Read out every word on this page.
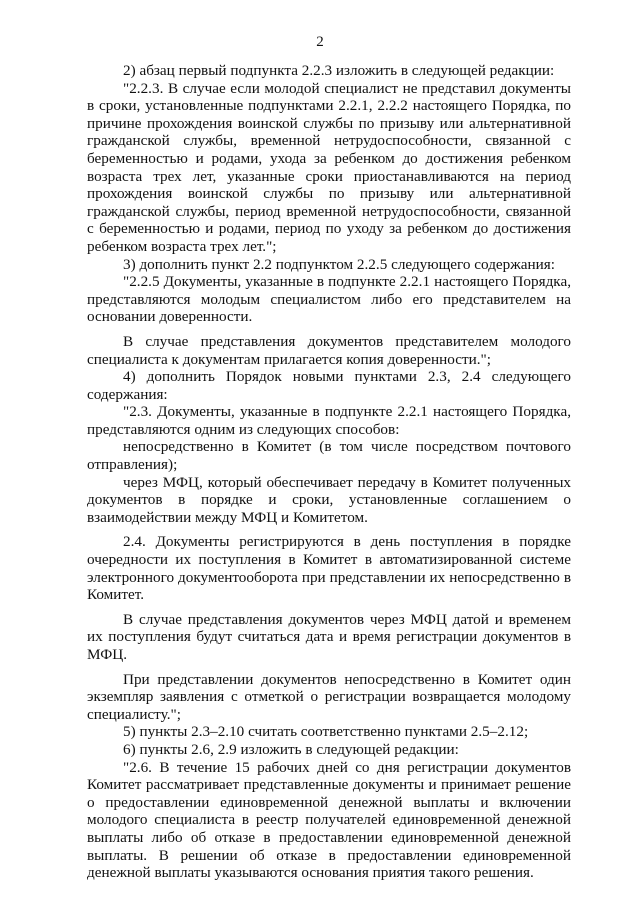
2

2) абзац первый подпункта 2.2.3 изложить в следующей редакции:

"2.2.3. В случае если молодой специалист не представил документы в сроки, установленные подпунктами 2.2.1, 2.2.2 настоящего Порядка, по причине прохождения воинской службы по призыву или альтернативной гражданской службы, временной нетрудоспособности, связанной с беременностью и родами, ухода за ребенком до достижения ребенком возраста трех лет, указанные сроки приостанавливаются на период прохождения воинской службы по призыву или альтернативной гражданской службы, период временной нетрудоспособности, связанной с беременностью и родами, период по уходу за ребенком до достижения ребенком возраста трех лет.";

3) дополнить пункт 2.2 подпунктом 2.2.5 следующего содержания:

"2.2.5 Документы, указанные в подпункте 2.2.1 настоящего Порядка, представляются молодым специалистом либо его представителем на основании доверенности.

В случае представления документов представителем молодого специалиста к документам прилагается копия доверенности.";

4) дополнить Порядок новыми пунктами 2.3, 2.4 следующего содержания:

"2.3. Документы, указанные в подпункте 2.2.1 настоящего Порядка, представляются одним из следующих способов:

непосредственно в Комитет (в том числе посредством почтового отправления);

через МФЦ, который обеспечивает передачу в Комитет полученных документов в порядке и сроки, установленные соглашением о взаимодействии между МФЦ и Комитетом.

2.4. Документы регистрируются в день поступления в порядке очередности их поступления в Комитет в автоматизированной системе электронного документооборота при представлении их непосредственно в Комитет.

В случае представления документов через МФЦ датой и временем их поступления будут считаться дата и время регистрации документов в МФЦ.

При представлении документов непосредственно в Комитет один экземпляр заявления с отметкой о регистрации возвращается молодому специалисту.";

5) пункты 2.3–2.10 считать соответственно пунктами 2.5–2.12;

6) пункты 2.6, 2.9 изложить в следующей редакции:

"2.6. В течение 15 рабочих дней со дня регистрации документов Комитет рассматривает представленные документы и принимает решение о предоставлении единовременной денежной выплаты и включении молодого специалиста в реестр получателей единовременной денежной выплаты либо об отказе в предоставлении единовременной денежной выплаты. В решении об отказе в предоставлении единовременной денежной выплаты указываются основания приятия такого решения.
